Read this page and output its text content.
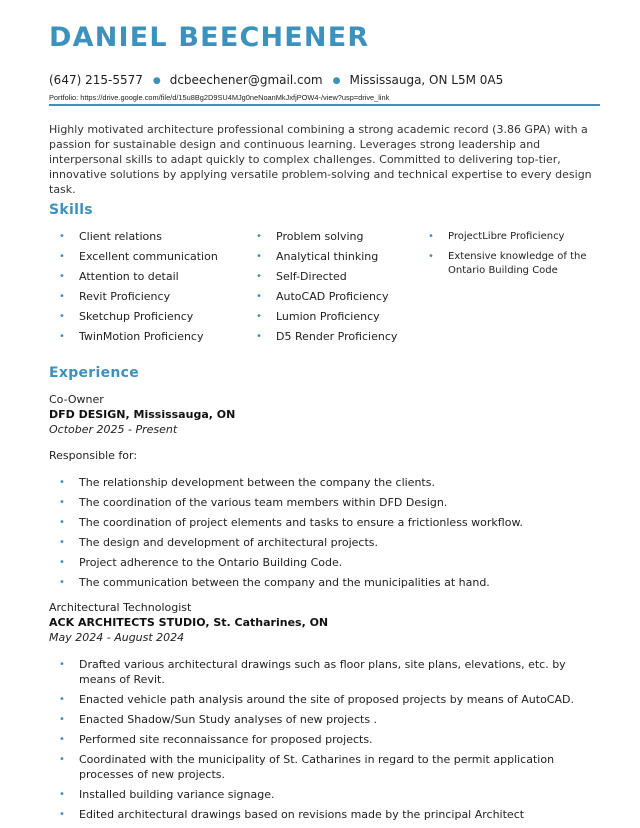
DANIEL BEECHENER
(647) 215-5577 ● dcbeechener@gmail.com ● Mississauga, ON L5M 0A5
Portfolio: https://drive.google.com/file/d/15u8Bg2D9SU4MJg0neNoanMkJxfjPOW4-/view?usp=drive_link

Highly motivated architecture professional combining a strong academic record (3.86 GPA) with a passion for sustainable design and continuous learning. Leverages strong leadership and interpersonal skills to adapt quickly to complex challenges. Committed to delivering top-tier, innovative solutions by applying versatile problem-solving and technical expertise to every design task.

Skills
• Client relations
• Excellent communication
• Attention to detail
• Revit Proficiency
• Sketchup Proficiency
• TwinMotion Proficiency
• Problem solving
• Analytical thinking
• Self-Directed
• AutoCAD Proficiency
• Lumion Proficiency
• D5 Render Proficiency
• ProjectLibre Proficiency
• Extensive knowledge of the Ontario Building Code
Experience
Co-Owner
DFD DESIGN, Mississauga, ON
October 2025 - Present

Responsible for:

• The relationship development between the company the clients.
• The coordination of the various team members within DFD Design.
• The coordination of project elements and tasks to ensure a frictionless workflow.
• The design and development of architectural projects.
• Project adherence to the Ontario Building Code.
• The communication between the company and the municipalities at hand.
Architectural Technologist
ACK ARCHITECTS STUDIO, St. Catharines, ON
May 2024 - August 2024
• Drafted various architectural drawings such as floor plans, site plans, elevations, etc. by means of Revit.
• Enacted vehicle path analysis around the site of proposed projects by means of AutoCAD.
• Enacted Shadow/Sun Study analyses of new projects .
• Performed site reconnaissance for proposed projects.
• Coordinated with the municipality of St. Catharines in regard to the permit application processes of new projects.
• Installed building variance signage.
• Edited architectural drawings based on revisions made by the principal Architect
